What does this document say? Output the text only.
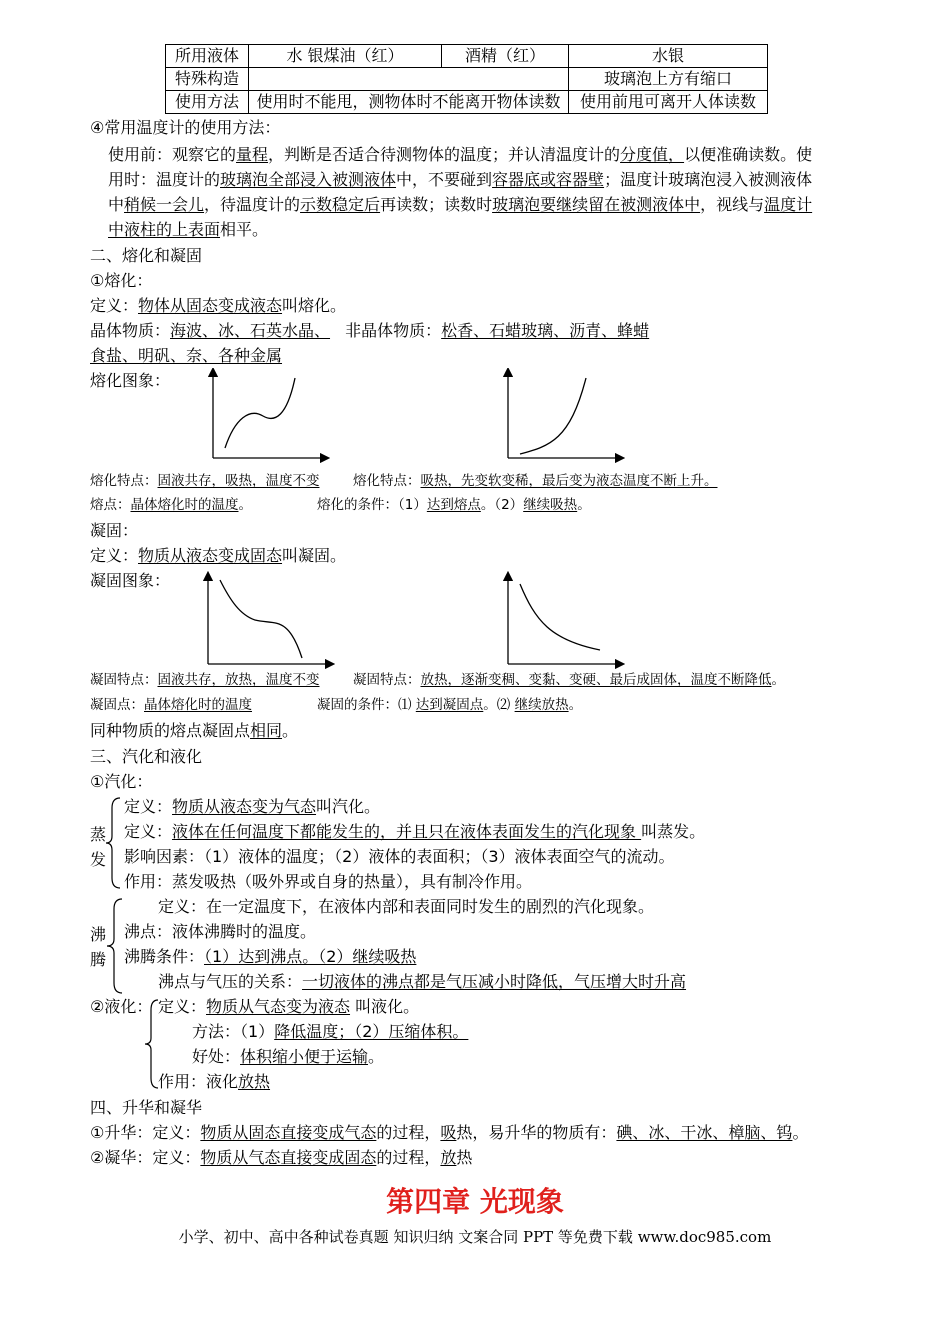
所用液体	水 银煤油（红）	酒精（红）	水银
特殊构造			玻璃泡上方有缩口
使用方法	使用时不能甩，测物体时不能离开物体读数		使用前甩可离开人体读数
④常用温度计的使用方法：
使用前：观察它的量程，判断是否适合待测物体的温度；并认清温度计的分度值，以便准确读数。使
用时：温度计的玻璃泡全部浸入被测液体中，不要碰到容器底或容器壁；温度计玻璃泡浸入被测液体
中稍候一会儿，待温度计的示数稳定后再读数；读数时玻璃泡要继续留在被测液体中，视线与温度计
中液柱的上表面相平。
二、熔化和凝固
①熔化：
定义：物体从固态变成液态叫熔化。
晶体物质：海波、冰、石英水晶、 非晶体物质：松香、石蜡玻璃、沥青、蜂蜡
食盐、明矾、奈、各种金属
熔化图象：
熔化特点：固液共存，吸热，温度不变 熔化特点：吸热，先变软变稀，最后变为液态温度不断上升。
熔点：晶体熔化时的温度。	熔化的条件：（1）达到熔点。（2）继续吸热。
凝固：
定义：物质从液态变成固态叫凝固。
凝固图象：
凝固特点：固液共存，放热，温度不变 凝固特点：放热，逐渐变稠、变黏、变硬、最后成固体，温度不断降低。
凝固点：晶体熔化时的温度	凝固的条件：⑴ 达到凝固点。⑵ 继续放热。
同种物质的熔点凝固点相同。
三、汽化和液化
①汽化：
蒸发
定义：物质从液态变为气态叫汽化。
定义：液体在任何温度下都能发生的，并且只在液体表面发生的汽化现象 叫蒸发。
影响因素：（1）液体的温度；（2）液体的表面积；（3）液体表面空气的流动。
作用：蒸发吸热（吸外界或自身的热量），具有制冷作用。
沸腾
定义：在一定温度下，在液体内部和表面同时发生的剧烈的汽化现象。
沸点：液体沸腾时的温度。
沸腾条件：（1）达到沸点。（2）继续吸热
沸点与气压的关系：一切液体的沸点都是气压减小时降低，气压增大时升高
②液化： 定义：物质从气态变为液态 叫液化。
方法：（1）降低温度；（2）压缩体积。
好处：体积缩小便于运输。
作用：液化放热
四、升华和凝华
①升华：定义：物质从固态直接变成气态的过程，吸热，易升华的物质有：碘、冰、干冰、樟脑、钨。
②凝华：定义：物质从气态直接变成固态的过程，放热
第四章 光现象
小学、初中、高中各种试卷真题 知识归纳 文案合同 PPT 等免费下载 www.doc985.com
